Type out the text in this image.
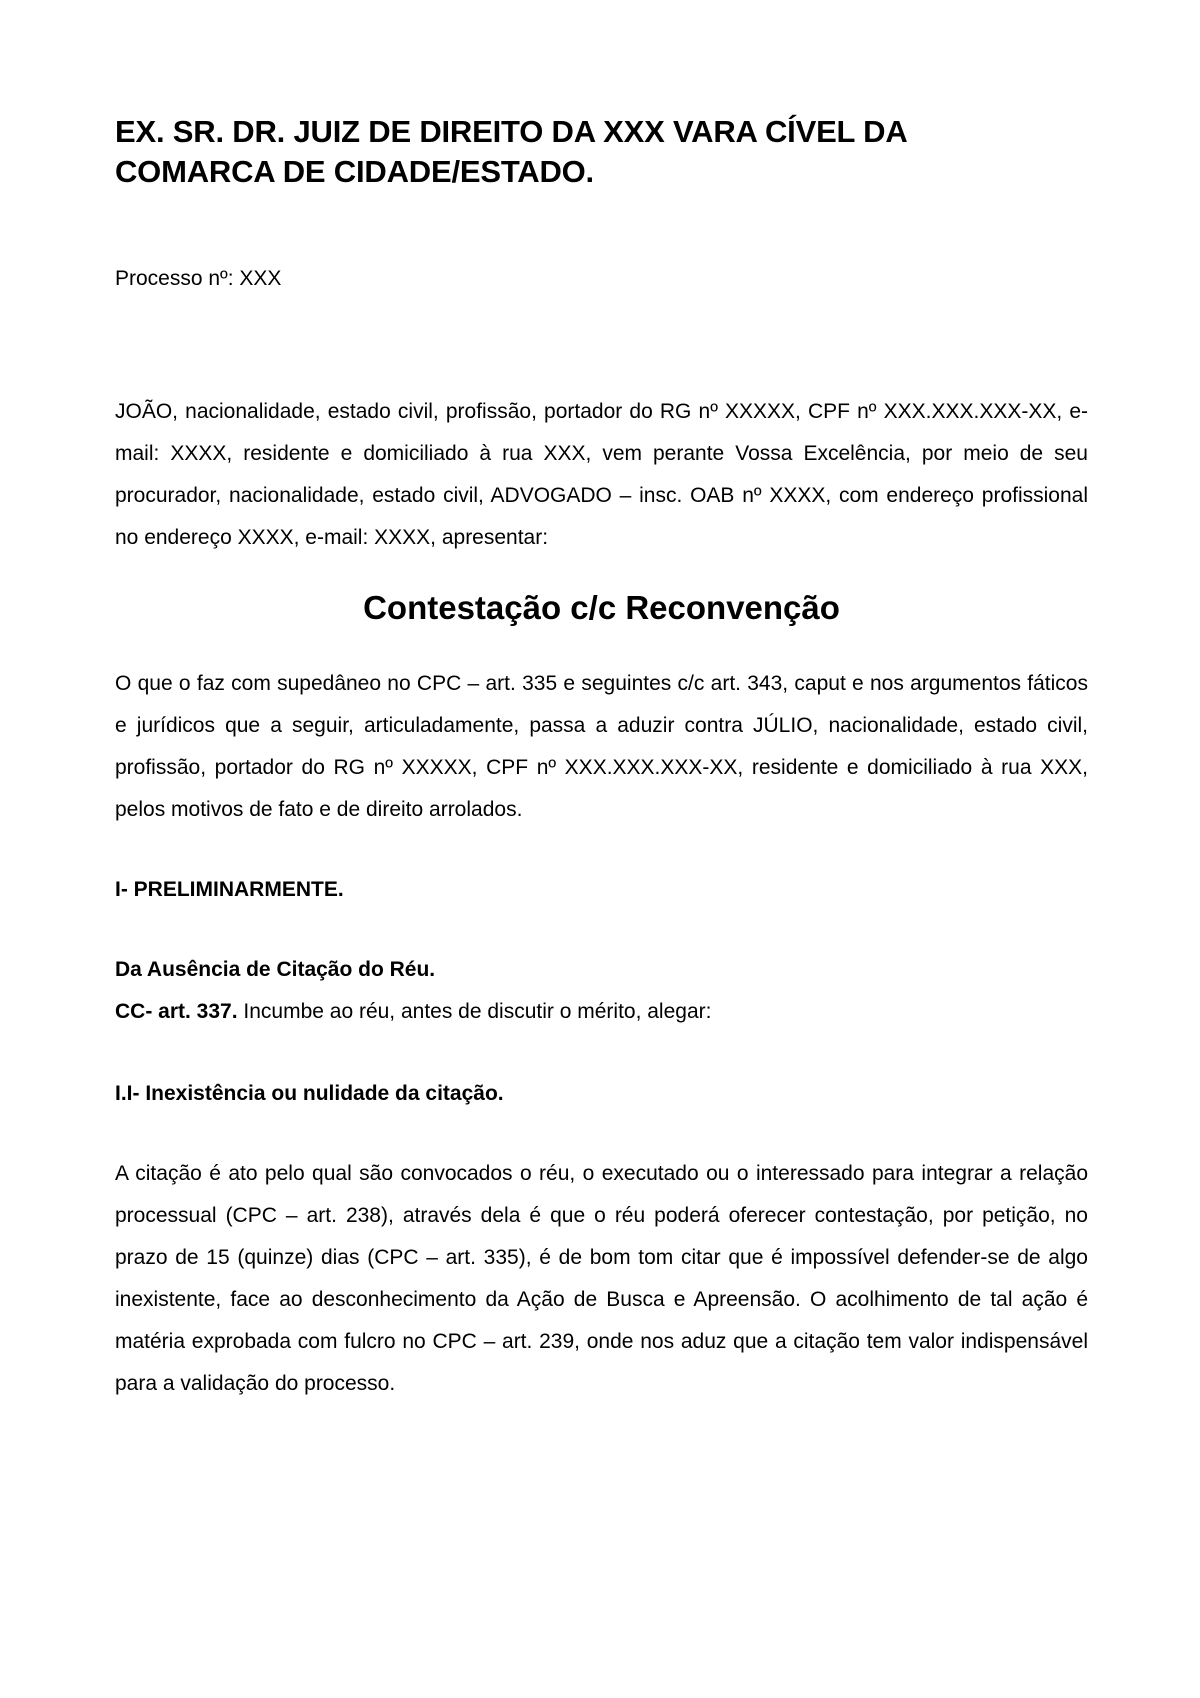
EX. SR. DR. JUIZ DE DIREITO DA XXX VARA CÍVEL DA
COMARCA DE CIDADE/ESTADO.

Processo nº: XXX

JOÃO, nacionalidade, estado civil, profissão, portador do RG nº XXXXX, CPF nº XXX.XXX.XXX-XX, e-mail: XXXX, residente e domiciliado à rua XXX, vem perante Vossa Excelência, por meio de seu procurador, nacionalidade, estado civil, ADVOGADO – insc. OAB nº XXXX, com endereço profissional no endereço XXXX, e-mail: XXXX, apresentar:

Contestação c/c Reconvenção

O que o faz com supedâneo no CPC – art. 335 e seguintes c/c art. 343, caput e nos argumentos fáticos e jurídicos que a seguir, articuladamente, passa a aduzir contra JÚLIO, nacionalidade, estado civil, profissão, portador do RG nº XXXXX, CPF nº XXX.XXX.XXX-XX, residente e domiciliado à rua XXX, pelos motivos de fato e de direito arrolados.

I- PRELIMINARMENTE.
Da Ausência de Citação do Réu.

CC- art. 337. Incumbe ao réu, antes de discutir o mérito, alegar:

I.I- Inexistência ou nulidade da citação.

A citação é ato pelo qual são convocados o réu, o executado ou o interessado para integrar a relação processual (CPC – art. 238), através dela é que o réu poderá oferecer contestação, por petição, no prazo de 15 (quinze) dias (CPC – art. 335), é de bom tom citar que é impossível defender-se de algo inexistente, face ao desconhecimento da Ação de Busca e Apreensão. O acolhimento de tal ação é matéria exprobada com fulcro no CPC – art. 239, onde nos aduz que a citação tem valor indispensável para a validação do processo.
